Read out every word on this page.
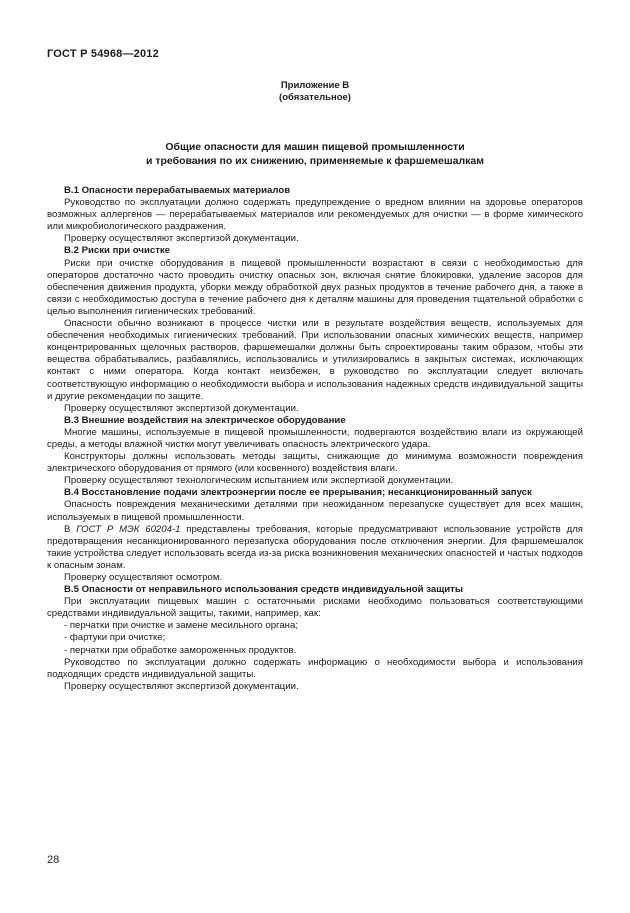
ГОСТ Р 54968—2012
Приложение В
(обязательное)
Общие опасности для машин пищевой промышленности
и требования по их снижению, применяемые к фаршемешалкам

В.1 Опасности перерабатываемых материалов

Руководство по эксплуатации должно содержать предупреждение о вредном влиянии на здоровье операторов возможных аллергенов — перерабатываемых материалов или рекомендуемых для очистки — в форме химического или микробиологического раздражения.

Проверку осуществляют экспертизой документации.

В.2 Риски при очистке

Риски при очистке оборудования в пищевой промышленности возрастают в связи с необходимостью для операторов достаточно часто проводить очистку опасных зон, включая снятие блокировки, удаление засоров для обеспечения движения продукта, уборки между обработкой двух разных продуктов в течение рабочего дня, а также в связи с необходимостью доступа в течение рабочего дня к деталям машины для проведения тщательной обработки с целью выполнения гигиенических требований.

Опасности обычно возникают в процессе чистки или в результате воздействия веществ, используемых для обеспечения необходимых гигиенических требований. При использовании опасных химических веществ, например концентрированных щелочных растворов, фаршемешалки должны быть спроектированы таким образом, чтобы эти вещества обрабатывались, разбавлялись, использовались и утилизировались в закрытых системах, исключающих контакт с ними оператора. Когда контакт неизбежен, в руководство по эксплуатации следует включать соответствующую информацию о необходимости выбора и использования надежных средств индивидуальной защиты и другие рекомендации по защите.

Проверку осуществляют экспертизой документации.

В.3 Внешние воздействия на электрическое оборудование

Многие машины, используемые в пищевой промышленности, подвергаются воздействию влаги из окружающей среды, а методы влажной чистки могут увеличивать опасность электрического удара.

Конструкторы должны использовать методы защиты, снижающие до минимума возможности повреждения электрического оборудования от прямого (или косвенного) воздействия влаги.

Проверку осуществляют технологическим испытанием или экспертизой документации.

В.4 Восстановление подачи электроэнергии после ее прерывания; несанкционированный запуск

Опасность повреждения механическими деталями при неожиданном перезапуске существует для всех машин, используемых в пищевой промышленности.

В ГОСТ Р МЭК 60204-1 представлены требования, которые предусматривают использование устройств для предотвращения несанкционированного перезапуска оборудования после отключения энергии. Для фаршемешалок такие устройства следует использовать всегда из-за риска возникновения механических опасностей и частых подходов к опасным зонам.

Проверку осуществляют осмотром.

В.5 Опасности от неправильного использования средств индивидуальной защиты

При эксплуатации пищевых машин с остаточными рисками необходимо пользоваться соответствующими средствами индивидуальной защиты, такими, например, как:

- перчатки при очистке и замене месильного органа;

- фартуки при очистке;

- перчатки при обработке замороженных продуктов.

Руководство по эксплуатации должно содержать информацию о необходимости выбора и использования подходящих средств индивидуальной защиты.

Проверку осуществляют экспертизой документации.

28
